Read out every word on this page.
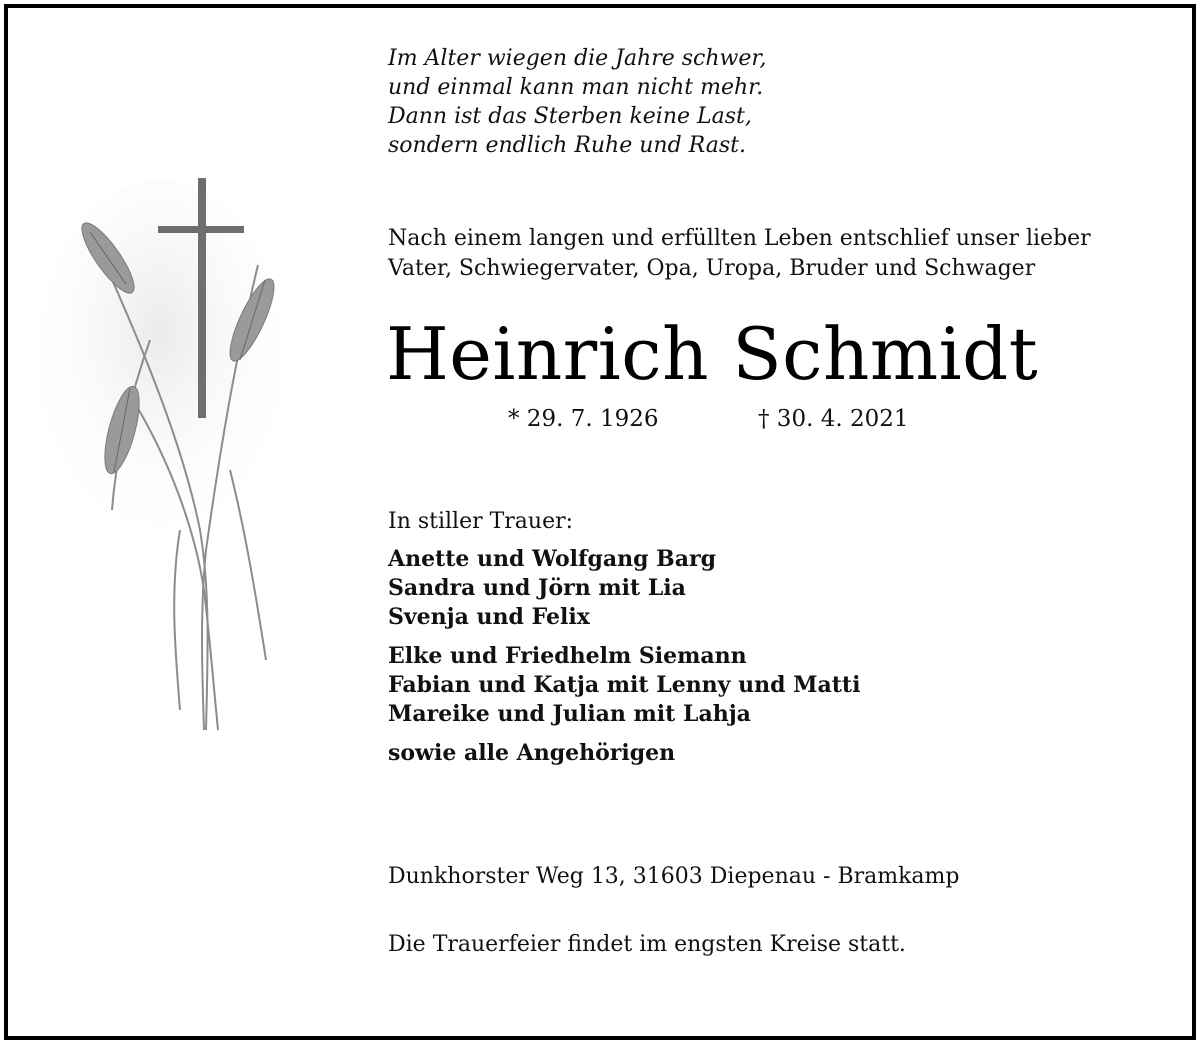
Im Alter wiegen die Jahre schwer,
und einmal kann man nicht mehr.
Dann ist das Sterben keine Last,
sondern endlich Ruhe und Rast.
Nach einem langen und erfüllten Leben entschlief unser lieber
Vater, Schwiegervater, Opa, Uropa, Bruder und Schwager
Heinrich Schmidt
* 29. 7. 1926	† 30. 4. 2021
In stiller Trauer:
Anette und Wolfgang Barg
Sandra und Jörn mit Lia
Svenja und Felix
Elke und Friedhelm Siemann
Fabian und Katja mit Lenny und Matti
Mareike und Julian mit Lahja
sowie alle Angehörigen
Dunkhorster Weg 13, 31603 Diepenau - Bramkamp
Die Trauerfeier findet im engsten Kreise statt.
